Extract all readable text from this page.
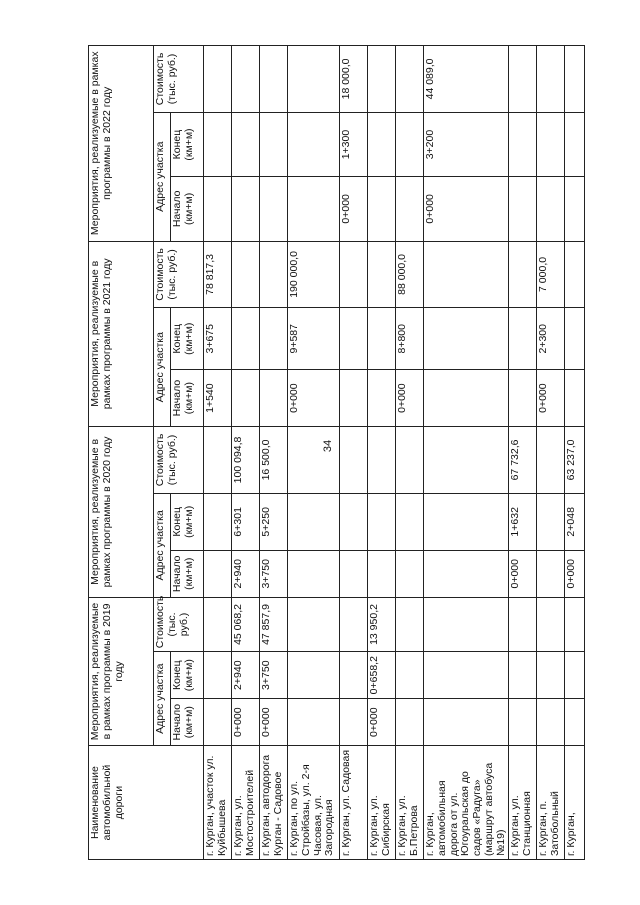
34
Наименование автомобильной дороги	Мероприятия, реализуемые в рамках программы в 2019 году			Мероприятия, реализуемые в рамках программы в 2020 году			Мероприятия, реализуемые в рамках программы в 2021 году			Мероприятия, реализуемые в рамках программы в 2022 году		
	Адрес участка		Стоимость (тыс. руб.)	Адрес участка		Стоимость (тыс. руб.)	Адрес участка		Стоимость (тыс. руб.)	Адрес участка		Стоимость (тыс. руб.)
	Начало (км+м)	Конец (км+м)		Начало (км+м)	Конец (км+м)		Начало (км+м)	Конец (км+м)		Начало (км+м)	Конец (км+м)	
г. Курган, участок ул. Куйбышева							1+540	3+675	78 817,3			
г. Курган, ул. Мостостроителей	0+000	2+940	45 068,2	2+940	6+301	100 094,8						
г. Курган, автодорога Курган - Садовое	0+000	3+750	47 857,9	3+750	5+250	16 500,0						
г. Курган, по ул. Стройбазы, ул. 2-я Часовая, ул. Загородная							0+000	9+587	190 000,0			
г. Курган, ул. Садовая										0+000	1+300	18 000,0
г. Курган, ул. Сибирская	0+000	0+658,2	13 950,2									
г. Курган, ул. Б.Петрова							0+000	8+800	88 000,0			
г. Курган, автомобильная дорога от ул. Югоуральская до садов «Радуга» (маршрут автобуса №19)										0+000	3+200	44 089,0
г. Курган, ул. Станционная				0+000	1+632	67 732,6						
г. Курган, п. Затобольный							0+000	2+300	7 000,0			
г. Курган,				0+000	2+048	63 237,0						
